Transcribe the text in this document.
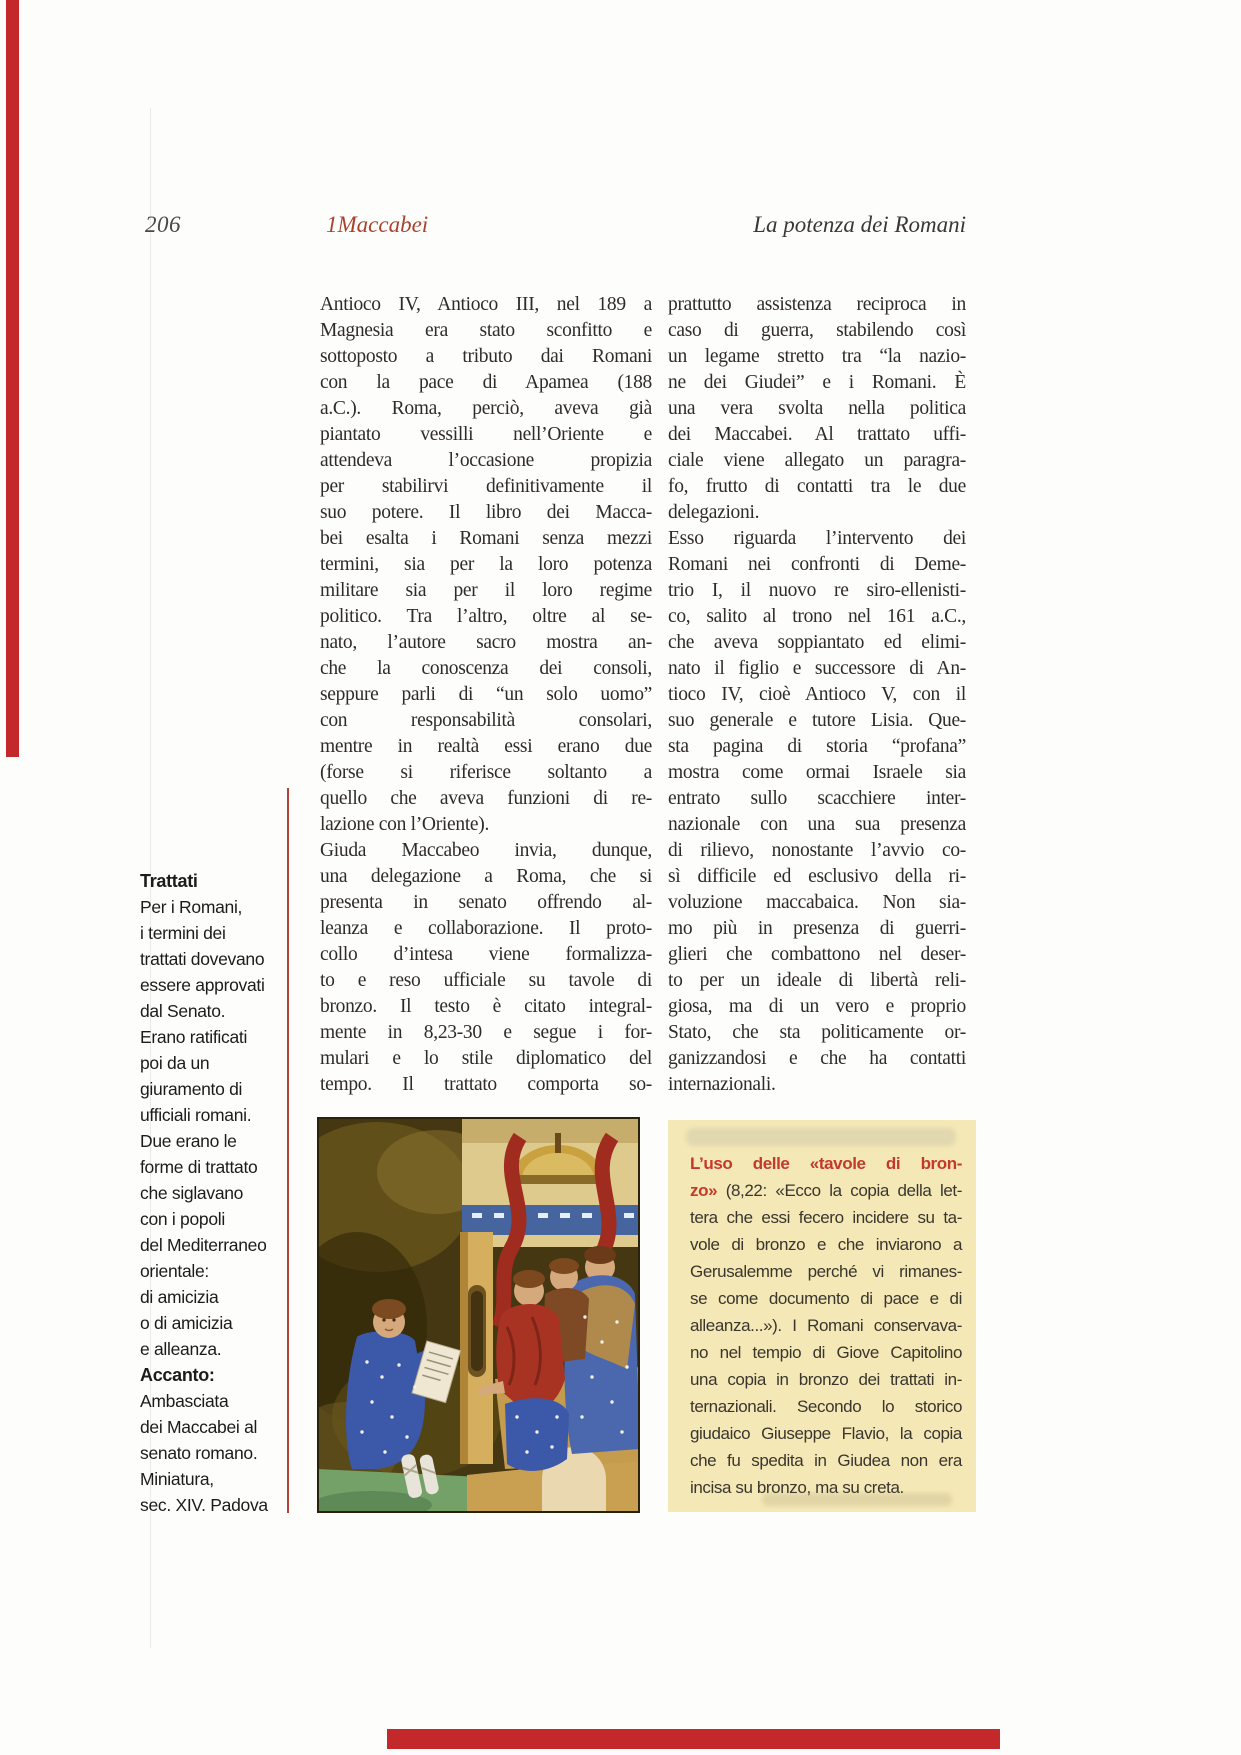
206	1Maccabei	La potenza dei Romani
Antioco IV, Antioco III, nel 189 a
Magnesia era stato sconfitto e
sottoposto a tributo dai Romani
con la pace di Apamea (188
a.C.). Roma, perciò, aveva già
piantato vessilli nell’Oriente e
attendeva l’occasione propizia
per stabilirvi definitivamente il
suo potere. Il libro dei Macca-
bei esalta i Romani senza mezzi
termini, sia per la loro potenza
militare sia per il loro regime
politico. Tra l’altro, oltre al se-
nato, l’autore sacro mostra an-
che la conoscenza dei consoli,
seppure parli di “un solo uomo”
con responsabilità consolari,
mentre in realtà essi erano due
(forse si riferisce soltanto a
quello che aveva funzioni di re-
lazione con l’Oriente).
Giuda Maccabeo invia, dunque,
una delegazione a Roma, che si
presenta in senato offrendo al-
leanza e collaborazione. Il proto-
collo d’intesa viene formalizza-
to e reso ufficiale su tavole di
bronzo. Il testo è citato integral-
mente in 8,23-30 e segue i for-
mulari e lo stile diplomatico del
tempo. Il trattato comporta so-
prattutto assistenza reciproca in
caso di guerra, stabilendo così
un legame stretto tra “la nazio-
ne dei Giudei” e i Romani. È
una vera svolta nella politica
dei Maccabei. Al trattato uffi-
ciale viene allegato un paragra-
fo, frutto di contatti tra le due
delegazioni.
Esso riguarda l’intervento dei
Romani nei confronti di Deme-
trio I, il nuovo re siro-ellenisti-
co, salito al trono nel 161 a.C.,
che aveva soppiantato ed elimi-
nato il figlio e successore di An-
tioco IV, cioè Antioco V, con il
suo generale e tutore Lisia. Que-
sta pagina di storia “profana”
mostra come ormai Israele sia
entrato sullo scacchiere inter-
nazionale con una sua presenza
di rilievo, nonostante l’avvio co-
sì difficile ed esclusivo della ri-
voluzione maccabaica. Non sia-
mo più in presenza di guerri-
glieri che combattono nel deser-
to per un ideale di libertà reli-
giosa, ma di un vero e proprio
Stato, che sta politicamente or-
ganizzandosi e che ha contatti
internazionali.
Trattati
Per i Romani,
i termini dei
trattati dovevano
essere approvati
dal Senato.
Erano ratificati
poi da un
giuramento di
ufficiali romani.
Due erano le
forme di trattato
che siglavano
con i popoli
del Mediterraneo
orientale:
di amicizia
o di amicizia
e alleanza.
Accanto:
Ambasciata
dei Maccabei al
senato romano.
Miniatura,
sec. XIV. Padova
L’uso delle «tavole di bron-
zo» (8,22: «Ecco la copia della let-
tera che essi fecero incidere su ta-
vole di bronzo e che inviarono a
Gerusalemme perché vi rimanes-
se come documento di pace e di
alleanza...»). I Romani conservava-
no nel tempio di Giove Capitolino
una copia in bronzo dei trattati in-
ternazionali. Secondo lo storico
giudaico Giuseppe Flavio, la copia
che fu spedita in Giudea non era
incisa su bronzo, ma su creta.
